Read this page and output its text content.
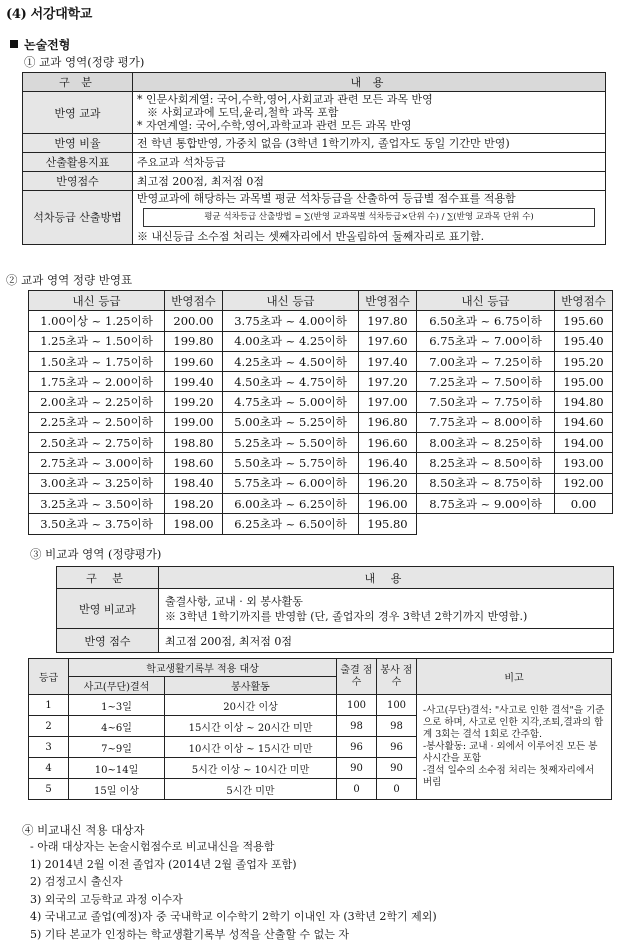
(4) 서강대학교
논술전형
① 교과 영역(정량 평가)
구 분	내 용
반영 교과	* 인문사회계열: 국어,수학,영어,사회교과 관련 모든 과목 반영
※ 사회교과에 도덕,윤리,철학 과목 포함
* 자연계열: 국어,수학,영어,과학교과 관련 모든 과목 반영

반영 비율	전 학년 통합반영, 가중치 없음 (3학년 1학기까지, 졸업자도 동일 기간만 반영)
산출활용지표	주요교과 석차등급
반영점수	최고점 200점, 최저점 0점
석차등급 산출방법	반영교과에 해당하는 과목별 평균 석차등급을 산출하여 등급별 점수표를 적용함
평균 석차등급 산출방법 = ∑(반영 교과목별 석차등급×단위 수) / ∑(반영 교과목 단위 수)
※ 내신등급 소수점 처리는 셋째자리에서 반올림하여 둘째자리로 표기함.
② 교과 영역 정량 반영표
내신 등급	반영점수	내신 등급	반영점수	내신 등급	반영점수
1.00이상 ~ 1.25이하	200.00	3.75초과 ~ 4.00이하	197.80	6.50초과 ~ 6.75이하	195.60
1.25초과 ~ 1.50이하	199.80	4.00초과 ~ 4.25이하	197.60	6.75초과 ~ 7.00이하	195.40
1.50초과 ~ 1.75이하	199.60	4.25초과 ~ 4.50이하	197.40	7.00초과 ~ 7.25이하	195.20
1.75초과 ~ 2.00이하	199.40	4.50초과 ~ 4.75이하	197.20	7.25초과 ~ 7.50이하	195.00
2.00초과 ~ 2.25이하	199.20	4.75초과 ~ 5.00이하	197.00	7.50초과 ~ 7.75이하	194.80
2.25초과 ~ 2.50이하	199.00	5.00초과 ~ 5.25이하	196.80	7.75초과 ~ 8.00이하	194.60
2.50초과 ~ 2.75이하	198.80	5.25초과 ~ 5.50이하	196.60	8.00초과 ~ 8.25이하	194.00
2.75초과 ~ 3.00이하	198.60	5.50초과 ~ 5.75이하	196.40	8.25초과 ~ 8.50이하	193.00
3.00초과 ~ 3.25이하	198.40	5.75초과 ~ 6.00이하	196.20	8.50초과 ~ 8.75이하	192.00
3.25초과 ~ 3.50이하	198.20	6.00초과 ~ 6.25이하	196.00	8.75초과 ~ 9.00이하	0.00
3.50초과 ~ 3.75이하	198.00	6.25초과 ~ 6.50이하	195.80		
③ 비교과 영역 (정량평가)
구 분	내 용
반영 비교과	출결사항, 교내 · 외 봉사활동
※ 3학년 1학기까지를 반영함 (단, 졸업자의 경우 3학년 2학기까지 반영함.)

반영 점수	최고점 200점, 최저점 0점
등급	학교생활기록부 적용 대상		출결 점수	봉사 점수	비고
	사고(무단)결석	봉사활동			
1	1~3일	20시간 이상	100	100	-사고(무단)결석: "사고로 인한 결석"을 기준으로 하며, 사고로 인한 지각,조퇴,결과의 합계 3회는 결석 1회로 간주함.
-봉사활동: 교내 · 외에서 이루어진 모든 봉사시간을 포함
-결석 일수의 소수점 처리는 첫째자리에서 버림

2	4~6일	15시간 이상 ~ 20시간 미만	98	98	
3	7~9일	10시간 이상 ~ 15시간 미만	96	96	
4	10~14일	5시간 이상 ~ 10시간 미만	90	90	
5	15일 이상	5시간 미만	0	0	
④ 비교내신 적용 대상자
- 아래 대상자는 논술시험점수로 비교내신을 적용함
1) 2014년 2월 이전 졸업자 (2014년 2월 졸업자 포함)
2) 검정고시 출신자
3) 외국의 고등학교 과정 이수자
4) 국내고교 졸업(예정)자 중 국내학교 이수학기 2학기 이내인 자 (3학년 2학기 제외)
5) 기타 본교가 인정하는 학교생활기록부 성적을 산출할 수 없는 자
